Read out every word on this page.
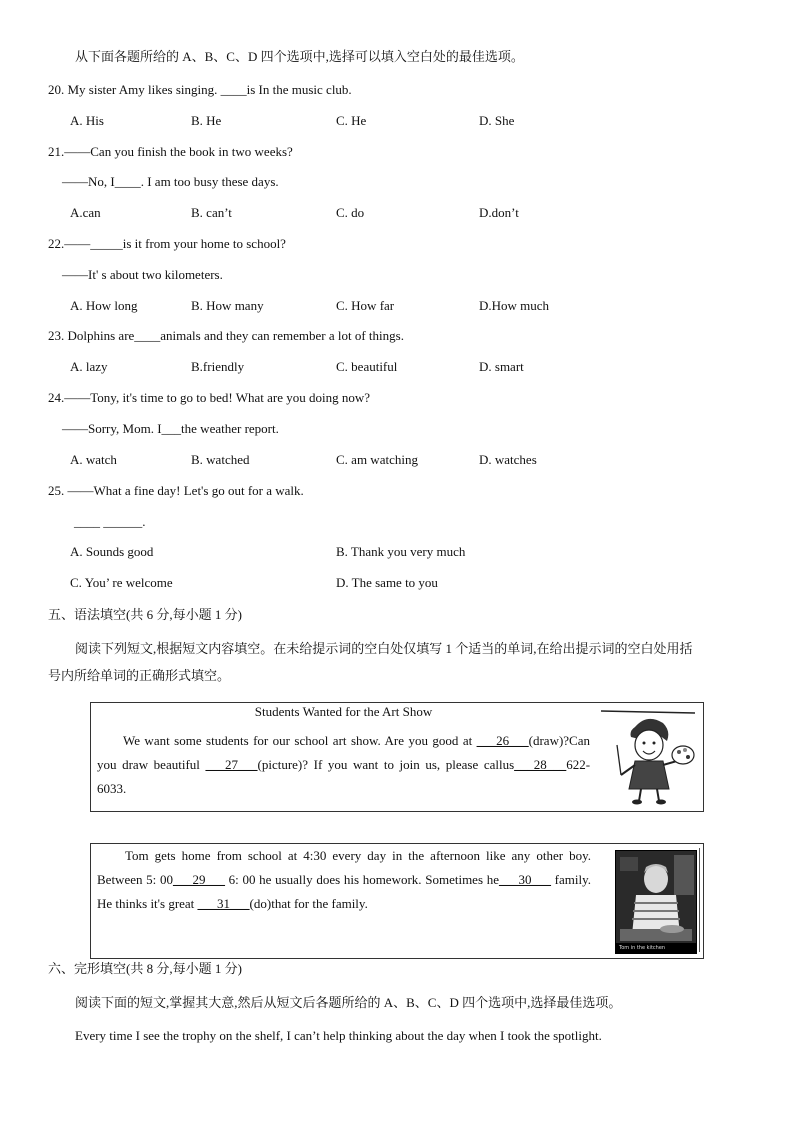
从下面各题所给的 A、B、C、D 四个选项中,选择可以填入空白处的最佳选项。
20. My sister Amy likes singing. ____is In the music club.
A. His	B. He	C. He	D. She
21.——Can you finish the book in two weeks?
——No, I____. I am too busy these days.
A.can	B. can’t	C. do	D.don’t
22.——_____is it from your home to school?
——It' s about two kilometers.
A. How long	B. How many	C. How far	D.How much
23. Dolphins are____animals and they can remember a lot of things.
A. lazy	B.friendly	C. beautiful	D. smart
24.——Tony, it's time to go to bed! What are you doing now?
——Sorry, Mom. I___the weather report.
A. watch	B. watched	C. am watching	D. watches
25. ——What a fine day! Let's go out for a walk.
____ ______.
A. Sounds good	B. Thank you very much
C. You’ re welcome	D. The same to you
五、语法填空(共 6 分,每小题 1 分)
阅读下列短文,根据短文内容填空。在未给提示词的空白处仅填写 1 个适当的单词,在给出提示词的空白处用括
号内所给单词的正确形式填空。
Students Wanted for the Art Show
We want some students for our school art show. Are you good at ___26___(draw)?Can you draw beautiful ___27___(picture)? If you want to join us, please callus___28___622-6033.
Tom gets home from school at 4:30 every day in the afternoon like any other boy. Between 5: 00___29___ 6: 00 he usually does his homework. Sometimes he___30___ family. He thinks it's great ___31___(do)that for the family.
Tom in the kitchen
六、完形填空(共 8 分,每小题 1 分)
阅读下面的短文,掌握其大意,然后从短文后各题所给的 A、B、C、D 四个选项中,选择最佳选项。
Every time I see the trophy on the shelf, I can’t help thinking about the day when I took the spotlight.
